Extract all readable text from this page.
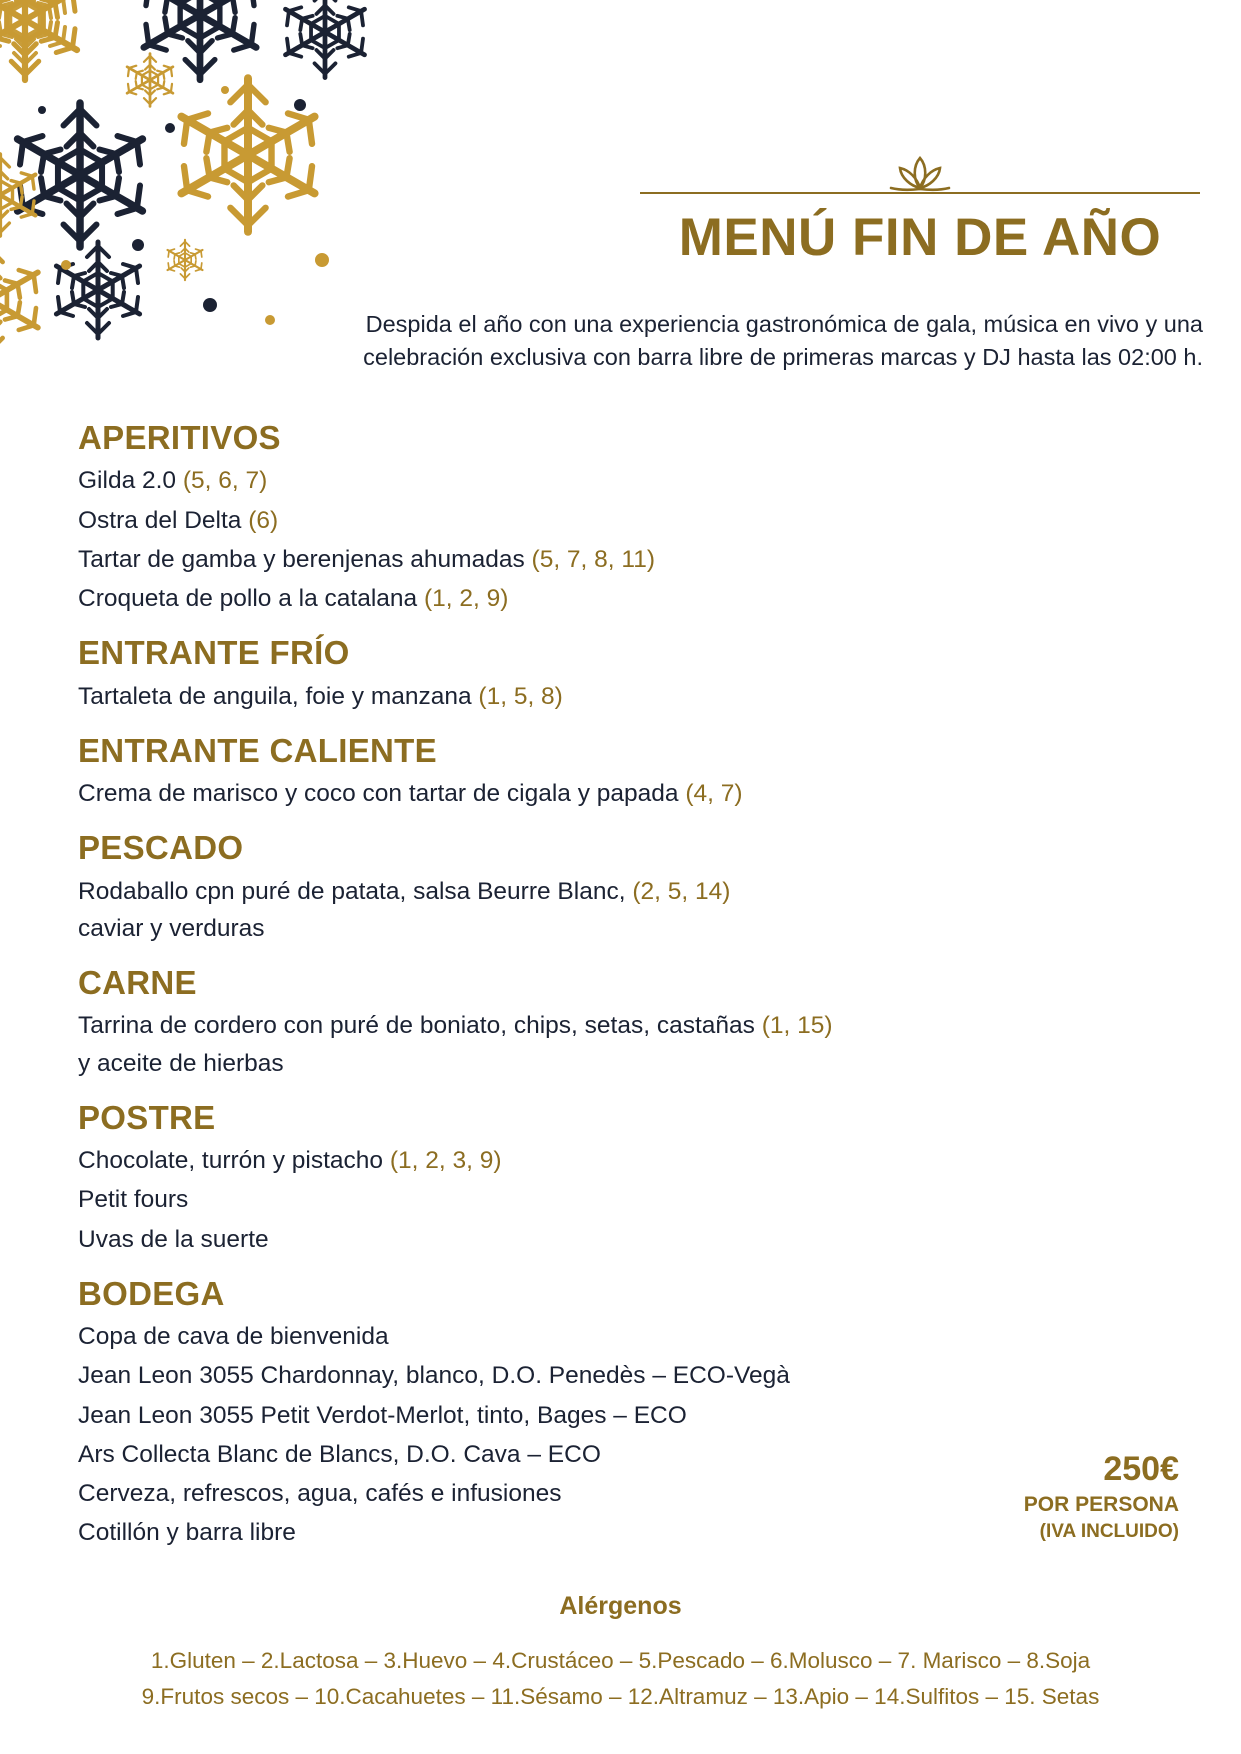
MENÚ FIN DE AÑO
Despida el año con una experiencia gastronómica de gala, música en vivo y una celebración exclusiva con barra libre de primeras marcas y DJ hasta las 02:00 h.
APERITIVOS

Gilda 2.0 (5, 6, 7)

Ostra del Delta (6)

Tartar de gamba y berenjenas ahumadas (5, 7, 8, 11)

Croqueta de pollo a la catalana (1, 2, 9)

ENTRANTE FRÍO

Tartaleta de anguila, foie y manzana (1, 5, 8)

ENTRANTE CALIENTE

Crema de marisco y coco con tartar de cigala y papada (4, 7)

PESCADO

Rodaballo cpn puré de patata, salsa Beurre Blanc, (2, 5, 14)
caviar y verduras

CARNE

Tarrina de cordero con puré de boniato, chips, setas, castañas (1, 15)
y aceite de hierbas

POSTRE

Chocolate, turrón y pistacho (1, 2, 3, 9)

Petit fours

Uvas de la suerte

BODEGA

Copa de cava de bienvenida

Jean Leon 3055 Chardonnay, blanco, D.O. Penedès – ECO-Vegà

Jean Leon 3055 Petit Verdot-Merlot, tinto, Bages – ECO

Ars Collecta Blanc de Blancs, D.O. Cava – ECO

Cerveza, refrescos, agua, cafés e infusiones

Cotillón y barra libre

250€
POR PERSONA
(IVA INCLUIDO)
Alérgenos
1.Gluten – 2.Lactosa – 3.Huevo – 4.Crustáceo – 5.Pescado – 6.Molusco – 7. Marisco – 8.Soja
9.Frutos secos – 10.Cacahuetes – 11.Sésamo – 12.Altramuz – 13.Apio – 14.Sulfitos – 15. Setas
